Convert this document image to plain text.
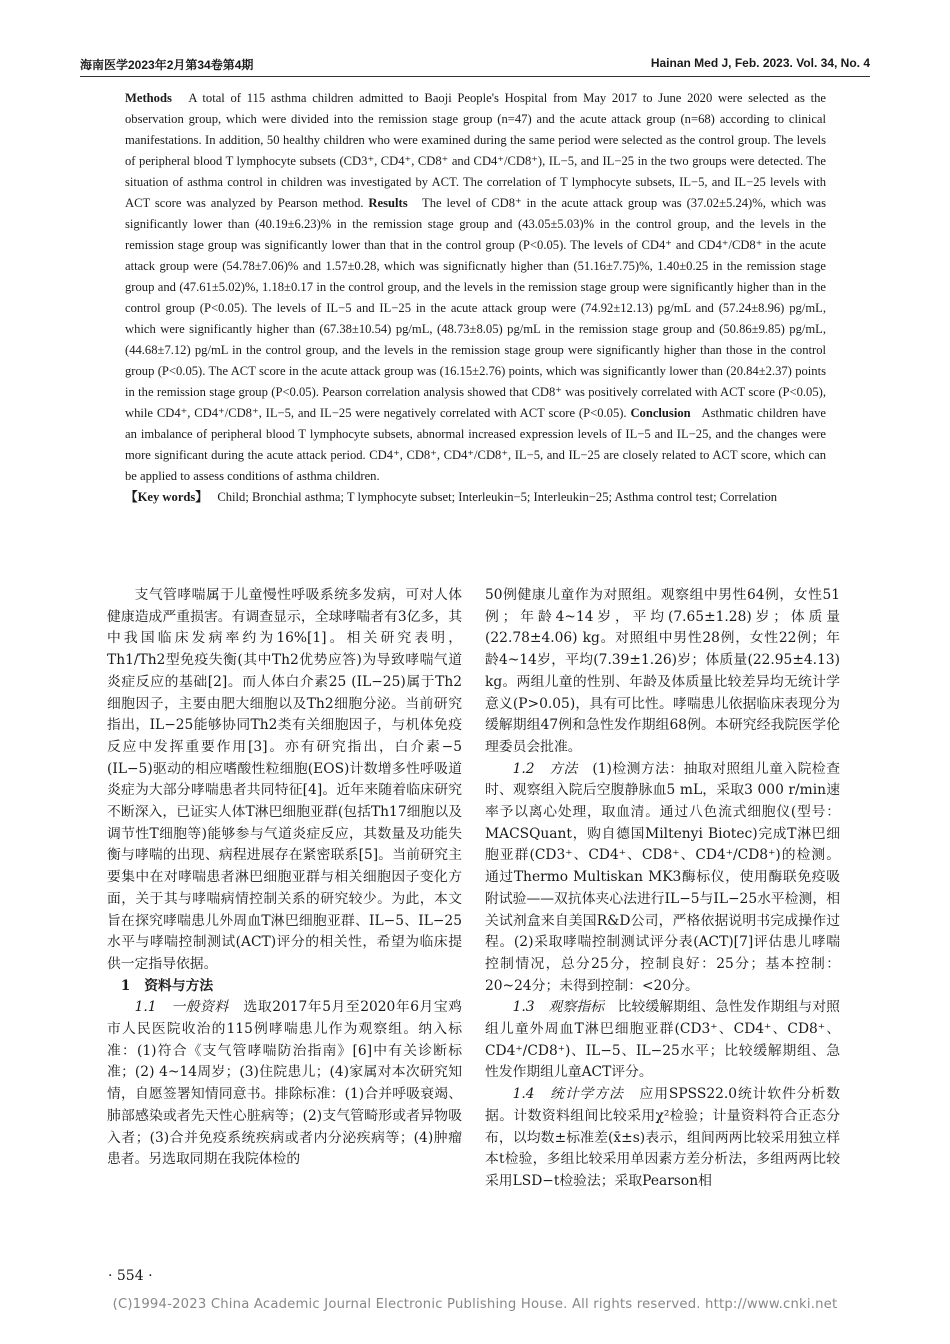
海南医学2023年2月第34卷第4期	Hainan Med J, Feb. 2023. Vol. 34, No. 4

Methods A total of 115 asthma children admitted to Baoji People's Hospital from May 2017 to June 2020 were selected as the observation group, which were divided into the remission stage group (n=47) and the acute attack group (n=68) according to clinical manifestations. In addition, 50 healthy children who were examined during the same period were selected as the control group. The levels of peripheral blood T lymphocyte subsets (CD3⁺, CD4⁺, CD8⁺ and CD4⁺/CD8⁺), IL−5, and IL−25 in the two groups were detected. The situation of asthma control in children was investigated by ACT. The correlation of T lymphocyte subsets, IL−5, and IL−25 levels with ACT score was analyzed by Pearson method. Results The level of CD8⁺ in the acute attack group was (37.02±5.24)%, which was significantly lower than (40.19±6.23)% in the remission stage group and (43.05±5.03)% in the control group, and the levels in the remission stage group was significantly lower than that in the control group (P<0.05). The levels of CD4⁺ and CD4⁺/CD8⁺ in the acute attack group were (54.78±7.06)% and 1.57±0.28, which was significnatly higher than (51.16±7.75)%, 1.40±0.25 in the remission stage group and (47.61±5.02)%, 1.18±0.17 in the control group, and the levels in the remission stage group were significantly higher than in the control group (P<0.05). The levels of IL−5 and IL−25 in the acute attack group were (74.92±12.13) pg/mL and (57.24±8.96) pg/mL, which were significantly higher than (67.38±10.54) pg/mL, (48.73±8.05) pg/mL in the remission stage group and (50.86±9.85) pg/mL, (44.68±7.12) pg/mL in the control group, and the levels in the remission stage group were significantly higher than those in the control group (P<0.05). The ACT score in the acute attack group was (16.15±2.76) points, which was significantly lower than (20.84±2.37) points in the remission stage group (P<0.05). Pearson correlation analysis showed that CD8⁺ was positively correlated with ACT score (P<0.05), while CD4⁺, CD4⁺/CD8⁺, IL−5, and IL−25 were negatively correlated with ACT score (P<0.05). Conclusion Asthmatic children have an imbalance of peripheral blood T lymphocyte subsets, abnormal increased expression levels of IL−5 and IL−25, and the changes were more significant during the acute attack period. CD4⁺, CD8⁺, CD4⁺/CD8⁺, IL−5, and IL−25 are closely related to ACT score, which can be applied to assess conditions of asthma children.

【Key words】 Child; Bronchial asthma; T lymphocyte subset; Interleukin−5; Interleukin−25; Asthma control test; Correlation

支气管哮喘属于儿童慢性呼吸系统多发病，可对人体健康造成严重损害。有调查显示，全球哮喘者有3亿多，其中我国临床发病率约为16%[1]。相关研究表明，Th1/Th2型免疫失衡(其中Th2优势应答)为导致哮喘气道炎症反应的基础[2]。而人体白介素25 (IL−25)属于Th2细胞因子，主要由肥大细胞以及Th2细胞分泌。当前研究指出，IL−25能够协同Th2类有关细胞因子，与机体免疫反应中发挥重要作用[3]。亦有研究指出，白介素−5 (IL−5)驱动的相应嗜酸性粒细胞(EOS)计数增多性呼吸道炎症为大部分哮喘患者共同特征[4]。近年来随着临床研究不断深入，已证实人体T淋巴细胞亚群(包括Th17细胞以及调节性T细胞等)能够参与气道炎症反应，其数量及功能失衡与哮喘的出现、病程进展存在紧密联系[5]。当前研究主要集中在对哮喘患者淋巴细胞亚群与相关细胞因子变化方面，关于其与哮喘病情控制关系的研究较少。为此，本文旨在探究哮喘患儿外周血T淋巴细胞亚群、IL−5、IL−25水平与哮喘控制测试(ACT)评分的相关性，希望为临床提供一定指导依据。

1　资料与方法

1.1　一般资料 选取2017年5月至2020年6月宝鸡市人民医院收治的115例哮喘患儿作为观察组。纳入标准：(1)符合《支气管哮喘防治指南》[6]中有关诊断标准；(2) 4~14周岁；(3)住院患儿；(4)家属对本次研究知情，自愿签署知情同意书。排除标准：(1)合并呼吸衰竭、肺部感染或者先天性心脏病等；(2)支气管畸形或者异物吸入者；(3)合并免疫系统疾病或者内分泌疾病等；(4)肿瘤患者。另选取同期在我院体检的

50例健康儿童作为对照组。观察组中男性64例，女性51例；年龄4~14岁，平均(7.65±1.28)岁；体质量(22.78±4.06) kg。对照组中男性28例，女性22例；年龄4~14岁，平均(7.39±1.26)岁；体质量(22.95±4.13) kg。两组儿童的性别、年龄及体质量比较差异均无统计学意义(P>0.05)，具有可比性。哮喘患儿依据临床表现分为缓解期组47例和急性发作期组68例。本研究经我院医学伦理委员会批准。

1.2　方法 (1)检测方法：抽取对照组儿童入院检查时、观察组入院后空腹静脉血5 mL，采取3 000 r/min速率予以离心处理，取血清。通过八色流式细胞仪(型号：MACSQuant，购自德国Miltenyi Biotec)完成T淋巴细胞亚群(CD3⁺、CD4⁺、CD8⁺、CD4⁺/CD8⁺)的检测。通过Thermo Multiskan MK3酶标仪，使用酶联免疫吸附试验——双抗体夹心法进行IL−5与IL−25水平检测，相关试剂盒来自美国R&D公司，严格依据说明书完成操作过程。(2)采取哮喘控制测试评分表(ACT)[7]评估患儿哮喘控制情况，总分25分，控制良好：25分；基本控制：20~24分；未得到控制：<20分。

1.3　观察指标 比较缓解期组、急性发作期组与对照组儿童外周血T淋巴细胞亚群(CD3⁺、CD4⁺、CD8⁺、CD4⁺/CD8⁺)、IL−5、IL−25水平；比较缓解期组、急性发作期组儿童ACT评分。

1.4　统计学方法 应用SPSS22.0统计软件分析数据。计数资料组间比较采用χ²检验；计量资料符合正态分布，以均数±标准差(x̄±s)表示，组间两两比较采用独立样本t检验，多组比较采用单因素方差分析法，多组两两比较采用LSD−t检验法；采取Pearson相

· 554 ·
(C)1994-2023 China Academic Journal Electronic Publishing House. All rights reserved. http://www.cnki.net
